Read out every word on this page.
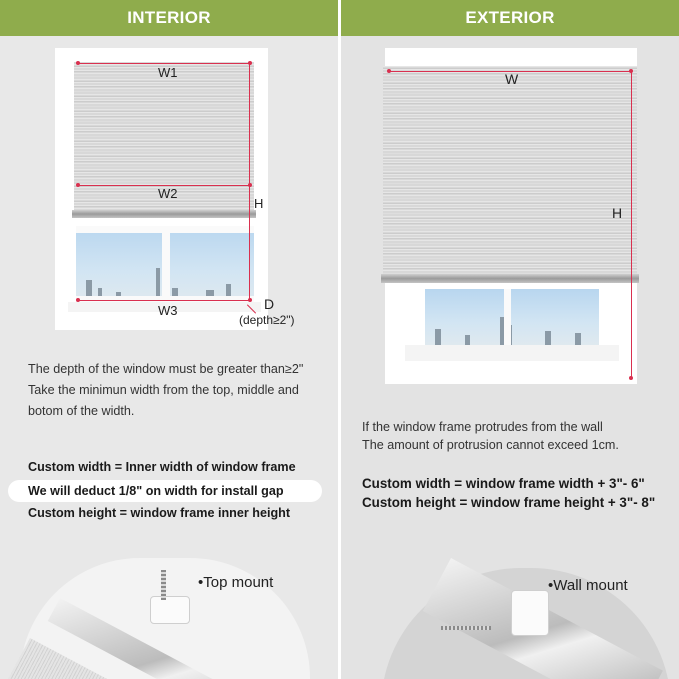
INTERIOR
W1
W2
W3
H
D
(depth≥2")
The depth of the window must be greater than≥2"
Take the minimun width from the top, middle and
botom of the width.
Custom width = Inner width of window frame
We will deduct 1/8" on width for install gap
Custom height = window frame inner height
•Top mount
EXTERIOR
W
H
If the window frame protrudes from the wall
The amount of protrusion cannot exceed 1cm.
Custom width = window frame width + 3"- 6"
Custom height = window frame height + 3"- 8"
•Wall mount
